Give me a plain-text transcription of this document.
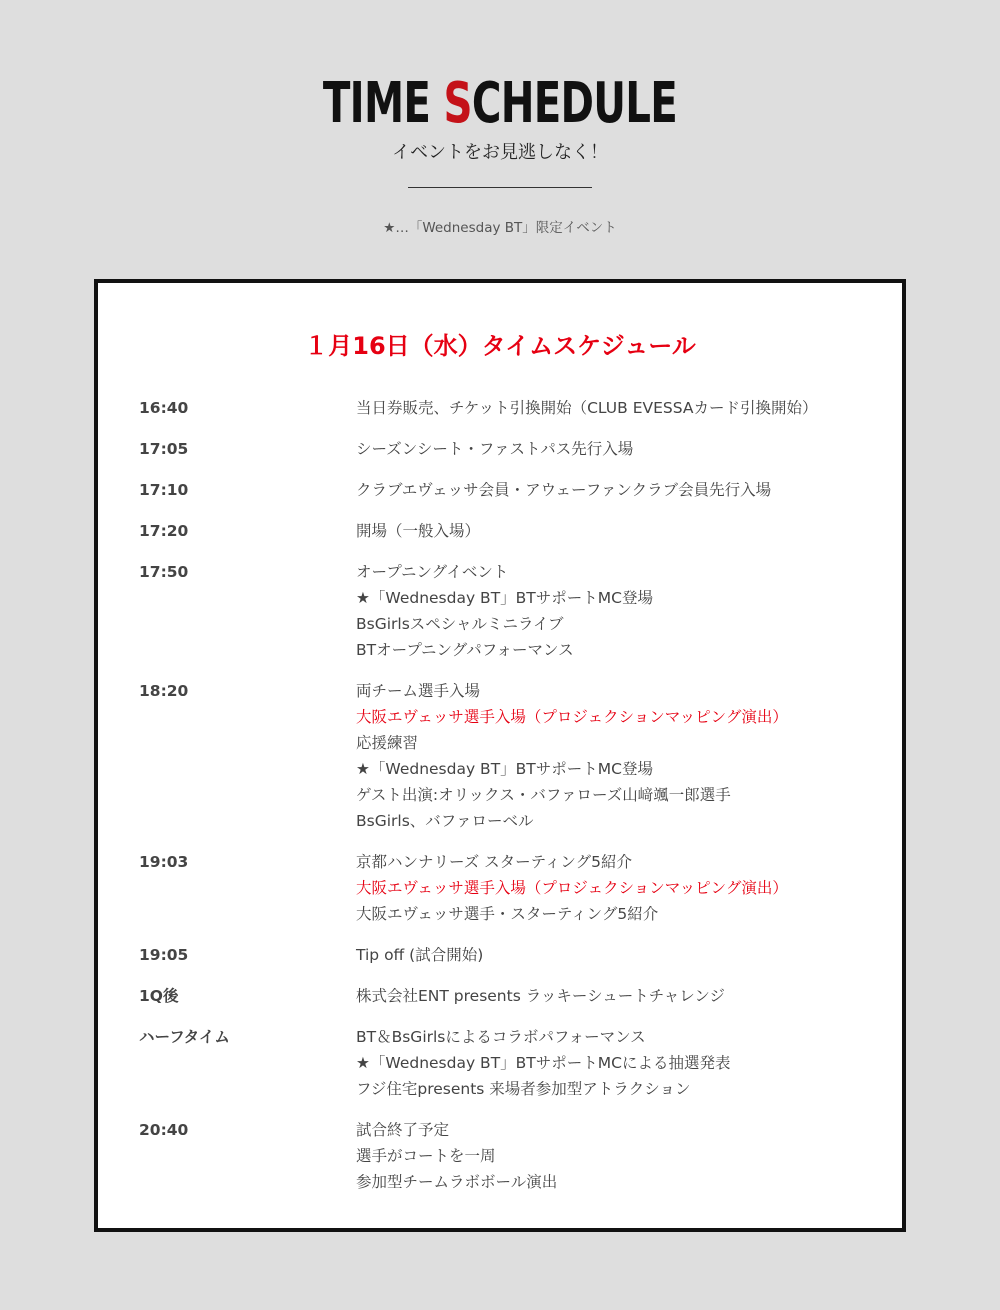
TIME SCHEDULE
イベントをお見逃しなく！
★…「Wednesday BT」限定イベント
１月16日（水）タイムスケジュール
16:40	当日券販売、チケット引換開始（CLUB EVESSAカード引換開始）
17:05	シーズンシート・ファストパス先行入場
17:10	クラブエヴェッサ会員・アウェーファンクラブ会員先行入場
17:20	開場（一般入場）
17:50	オープニングイベント
★「Wednesday BT」BTサポートMC登場
BsGirlsスペシャルミニライブ
BTオープニングパフォーマンス
18:20	両チーム選手入場
大阪エヴェッサ選手入場（プロジェクションマッピング演出）
応援練習
★「Wednesday BT」BTサポートMC登場
ゲスト出演:オリックス・バファローズ山﨑颯一郎選手
BsGirls、バファローベル
19:03	京都ハンナリーズ スターティング5紹介
大阪エヴェッサ選手入場（プロジェクションマッピング演出）
大阪エヴェッサ選手・スターティング5紹介
19:05	Tip off (試合開始)
1Q後	株式会社ENT presents ラッキーシュートチャレンジ
ハーフタイム	BT＆BsGirlsによるコラボパフォーマンス
★「Wednesday BT」BTサポートMCによる抽選発表
フジ住宅presents 来場者参加型アトラクション
20:40	試合終了予定
選手がコートを一周
参加型チームラボボール演出
